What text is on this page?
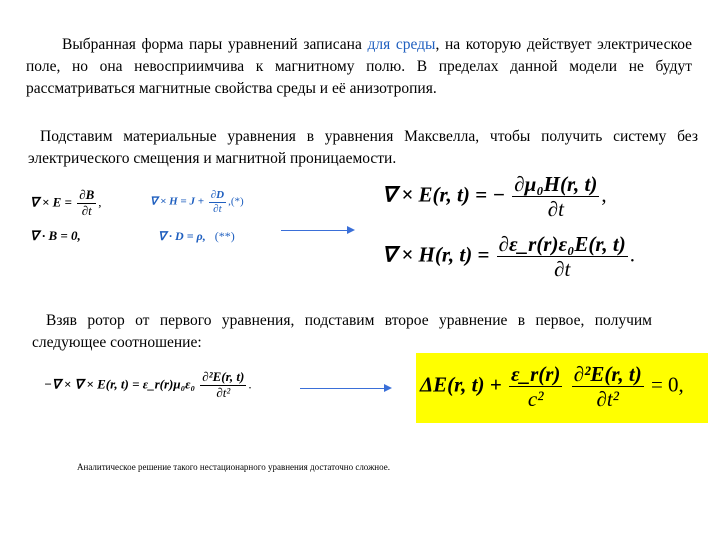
Выбранная форма пары уравнений записана для среды, на которую действует электрическое поле, но она невосприимчива к магнитному полю. В пределах данной модели не будут рассматриваться магнитные свойства среды и её анизотропия.
Подставим материальные уравнения в уравнения Максвелла, чтобы получить систему без электрического смещения и магнитной проницаемости.
∇ × $E = \frac{\partial B}{\partial t}$ ,
∇ · B = 0,
∇ × $H = J + \frac{\partial D}{\partial t}$ ,(*)
∇ · D = ρ, (**)
∇ × E(r, t) = − $\frac{\text{∂μ₀H(r, t)}}{\partial t}$ ,
∇ × H(r, $t) = \frac{\text{∂ε\_r(r)ε₀E(r, t)}}{\partial t}$ .
Взяв ротор от первого уравнения, подставим второе уравнение в первое, получим следующее соотношение:
−∇ × ∇ × E(r, t) = ε_r(r)μ₀ε₀ $\frac{\text{∂²E(r, t)}}{\text{∂t²}}$ .	ΔE(r, $t) + \frac{\varepsilon\_r(r)}{\text{c²}}$
$\frac{\text{∂²E(r, t)}}{\text{∂t²}} = 0$,
Аналитическое решение такого нестационарного уравнения достаточно сложное.
